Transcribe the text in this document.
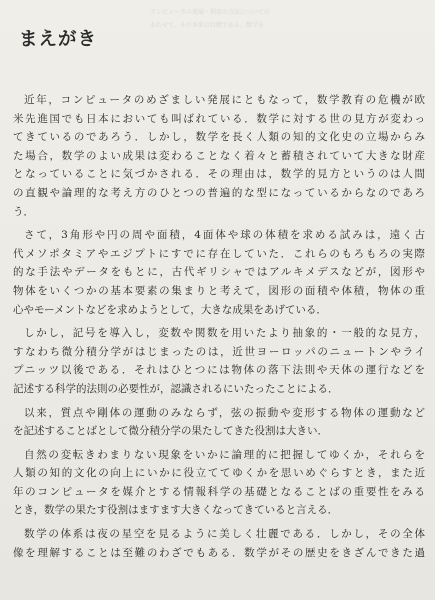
ランピュータの発展・利用の方法についての
あわせて、その本来の目標である、数学を
まえがき

近年，コンピュータのめざましい発展にともなって，数学教育の危機が欧
米先進国でも日本においても叫ばれている．数学に対する世の見方が変わっ
てきているのであろう．しかし，数学を長く人類の知的文化史の立場からみ
た場合，数学のよい成果は変わることなく着々と蓄積されていて大きな財産
となっていることに気づかされる．その理由は，数学的見方というのは人間
の直観や論理的な考え方のひとつの普遍的な型になっているからなのであろ
う．

さて，3角形や円の周や面積，4面体や球の体積を求める試みは，遠く古
代メソポタミアやエジプトにすでに存在していた．これらのもろもろの実際
的な手法やデータをもとに，古代ギリシャではアルキメデスなどが，図形や
物体をいくつかの基本要素の集まりと考えて，図形の面積や体積，物体の重
心やモーメントなどを求めようとして，大きな成果をあげている．

しかし，記号を導入し，変数や関数を用いたより抽象的・一般的な見方，
すなわち微分積分学がはじまったのは，近世ヨーロッパのニュートンやライ
プニッツ以後である．それはひとつには物体の落下法則や天体の運行などを
記述する科学的法則の必要性が，認識されるにいたったことによる．

以来，質点や剛体の運動のみならず，弦の振動や変形する物体の運動など
を記述することばとして微分積分学の果たしてきた役割は大きい．

自然の変転きわまりない現象をいかに論理的に把握してゆくか，それらを
人類の知的文化の向上にいかに役立ててゆくかを思いめぐらすとき，また近
年のコンピュータを媒介とする情報科学の基礎となることばの重要性をみる
とき，数学の果たす役割はますます大きくなってきていると言える．

数学の体系は夜の星空を見るように美しく壮麗である．しかし，その全体
像を理解することは至難のわざでもある．数学がその歴史をきざんできた過
